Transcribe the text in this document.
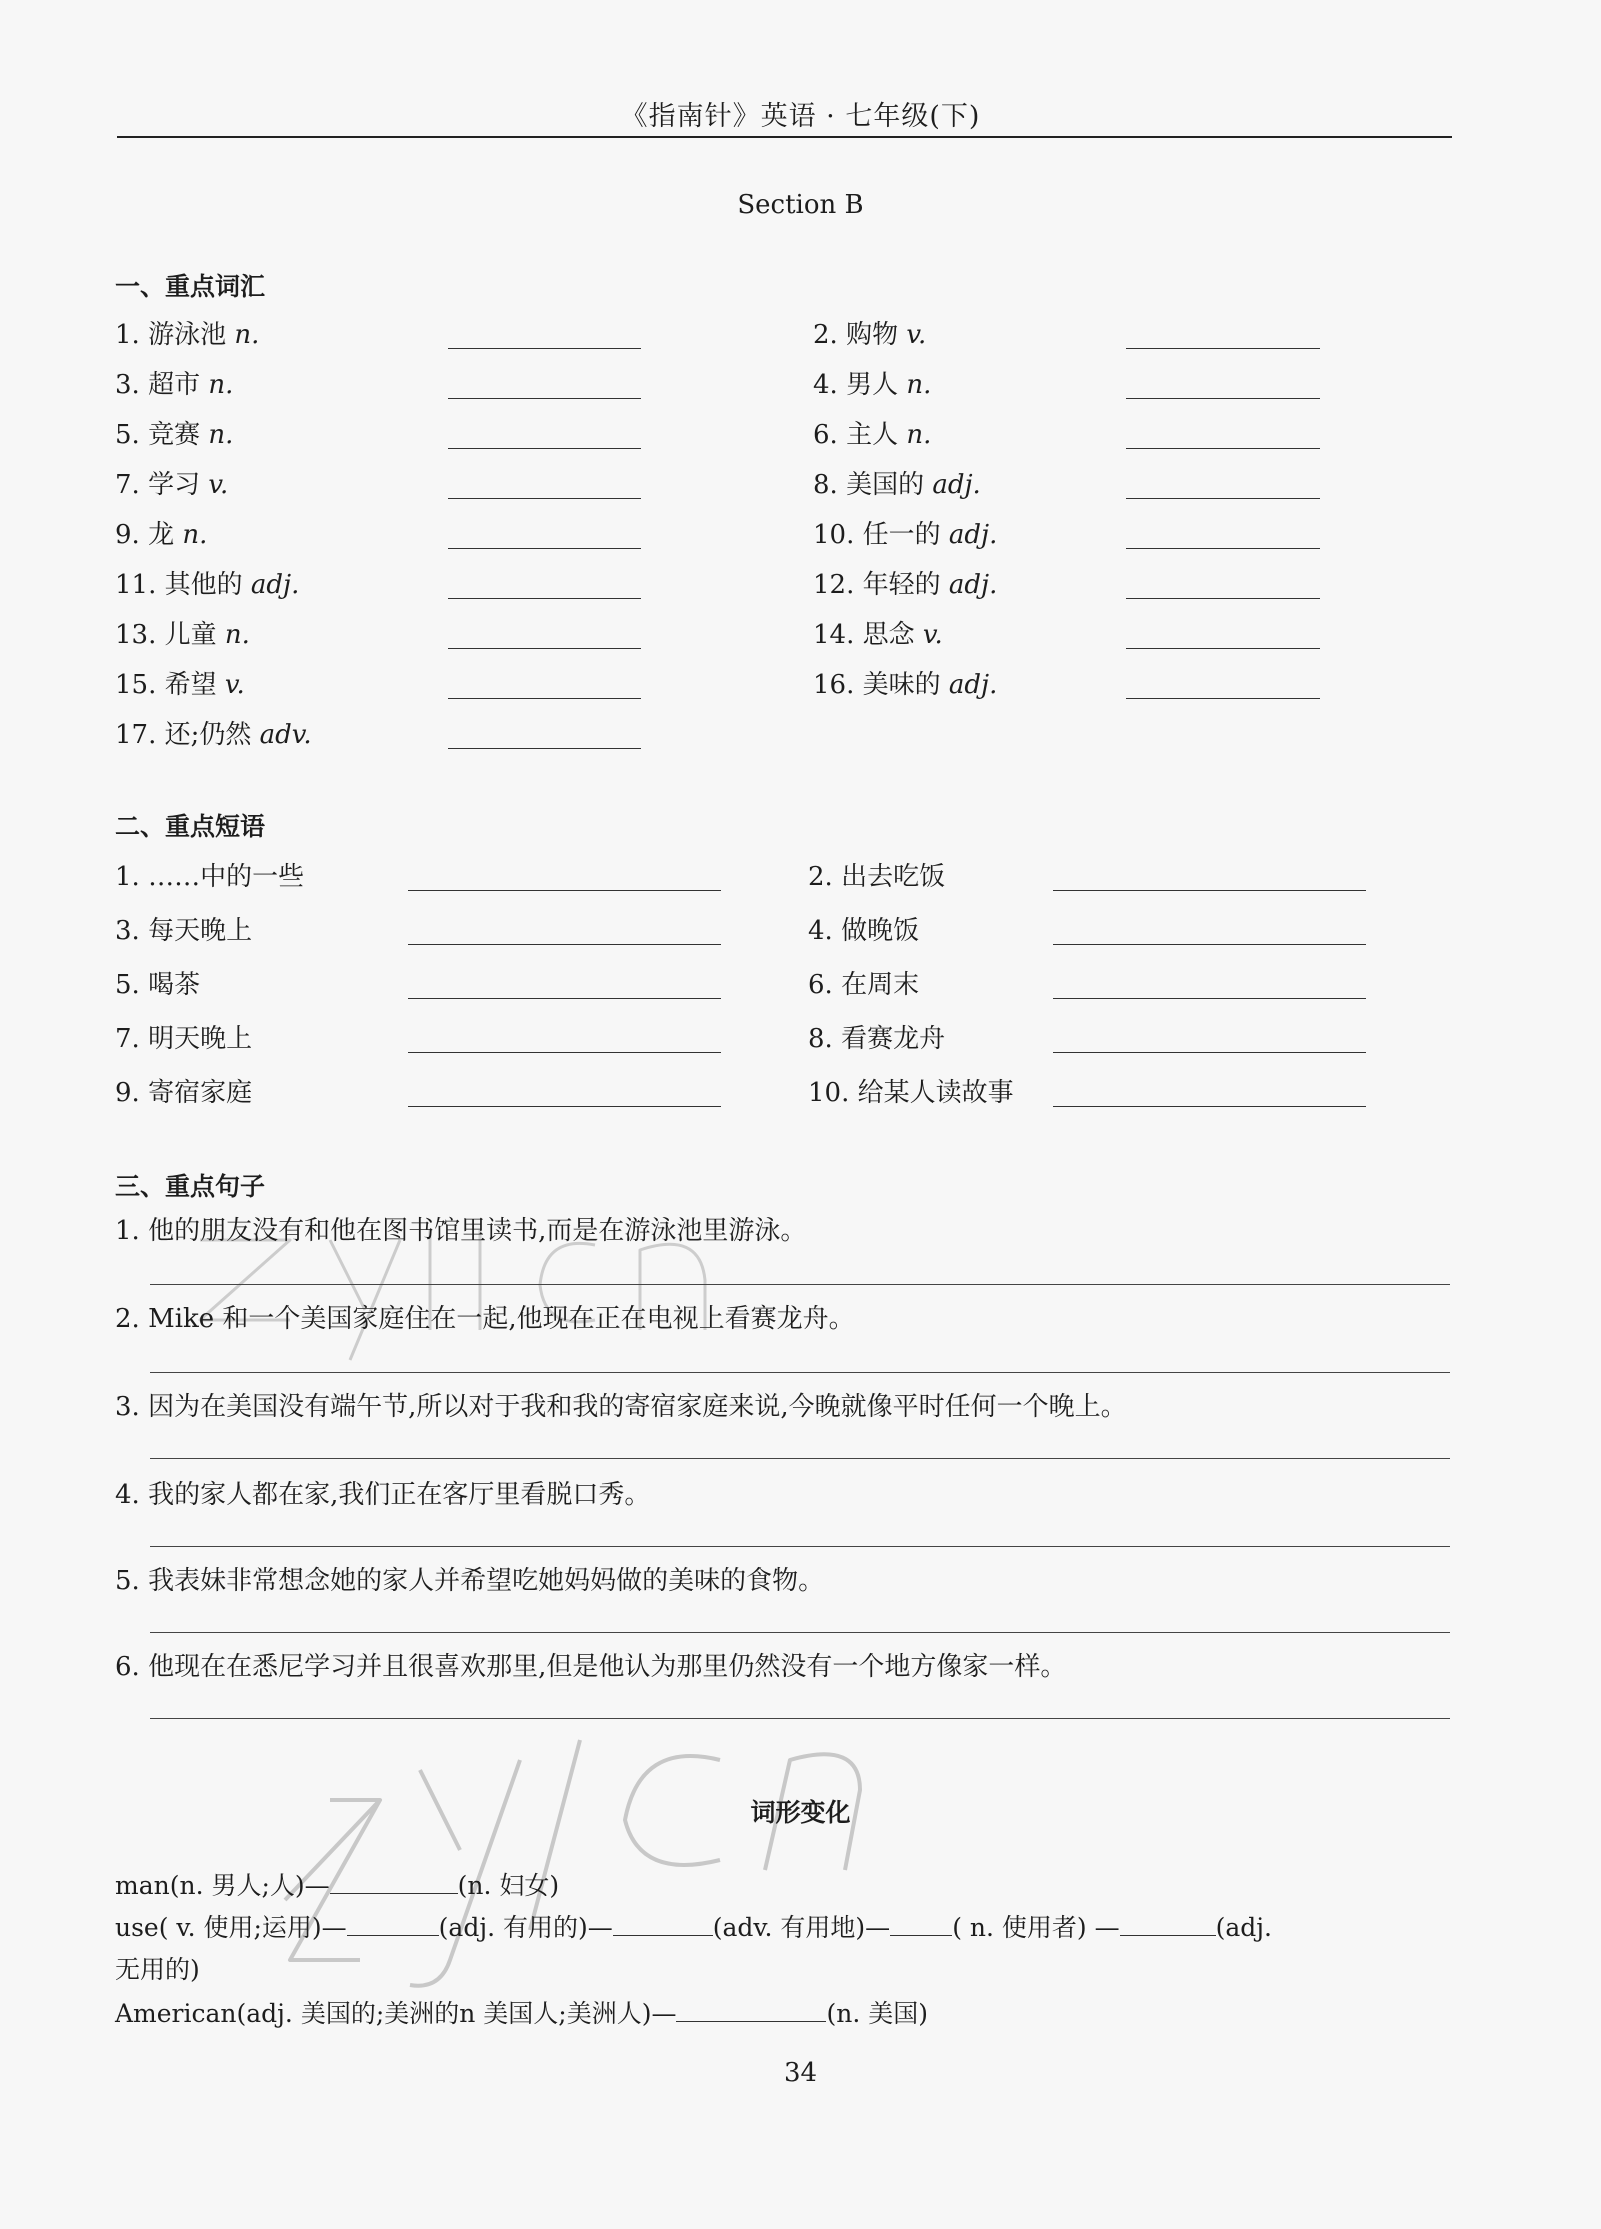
《指南针》英语 · 七年级(下)
Section B
一、重点词汇
1. 游泳池 n.	2. 购物 v.
3. 超市 n.	4. 男人 n.
5. 竞赛 n.	6. 主人 n.
7. 学习 v.	8. 美国的 adj.
9. 龙 n.	10. 任一的 adj.
11. 其他的 adj.	12. 年轻的 adj.
13. 儿童 n.	14. 思念 v.
15. 希望 v.	16. 美味的 adj.
17. 还;仍然 adv.
二、重点短语
1. ……中的一些	2. 出去吃饭
3. 每天晚上	4. 做晚饭
5. 喝茶	6. 在周末
7. 明天晚上	8. 看赛龙舟
9. 寄宿家庭	10. 给某人读故事
三、重点句子
1. 他的朋友没有和他在图书馆里读书,而是在游泳池里游泳。
2. Mike 和一个美国家庭住在一起,他现在正在电视上看赛龙舟。
3. 因为在美国没有端午节,所以对于我和我的寄宿家庭来说,今晚就像平时任何一个晚上。
4. 我的家人都在家,我们正在客厅里看脱口秀。
5. 我表妹非常想念她的家人并希望吃她妈妈做的美味的食物。
6. 他现在在悉尼学习并且很喜欢那里,但是他认为那里仍然没有一个地方像家一样。
词形变化
man(n. 男人;人)—	(n. 妇女)
use( v. 使用;运用)—	(adj. 有用的)—	(adv. 有用地)— ( n. 使用者) —	(adj.
无用的)
American(adj. 美国的;美洲的n 美国人;美洲人)—	(n. 美国)
34
